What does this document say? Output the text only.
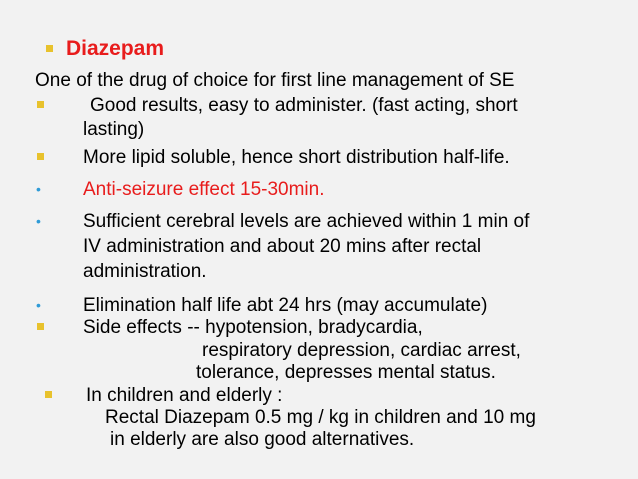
Diazepam
One of the drug of choice for first line management of SE
Good results, easy to administer. (fast acting, short
lasting)
More lipid soluble, hence short distribution half-life.
• Anti-seizure effect 15-30min.
• Sufficient cerebral levels are achieved within 1 min of
IV administration and about 20 mins after rectal
administration.
• Elimination half life abt 24 hrs (may accumulate)
Side effects -- hypotension, bradycardia,
respiratory depression, cardiac arrest,
tolerance, depresses mental status.
In children and elderly :
Rectal Diazepam 0.5 mg / kg in children and 10 mg
in elderly are also good alternatives.
